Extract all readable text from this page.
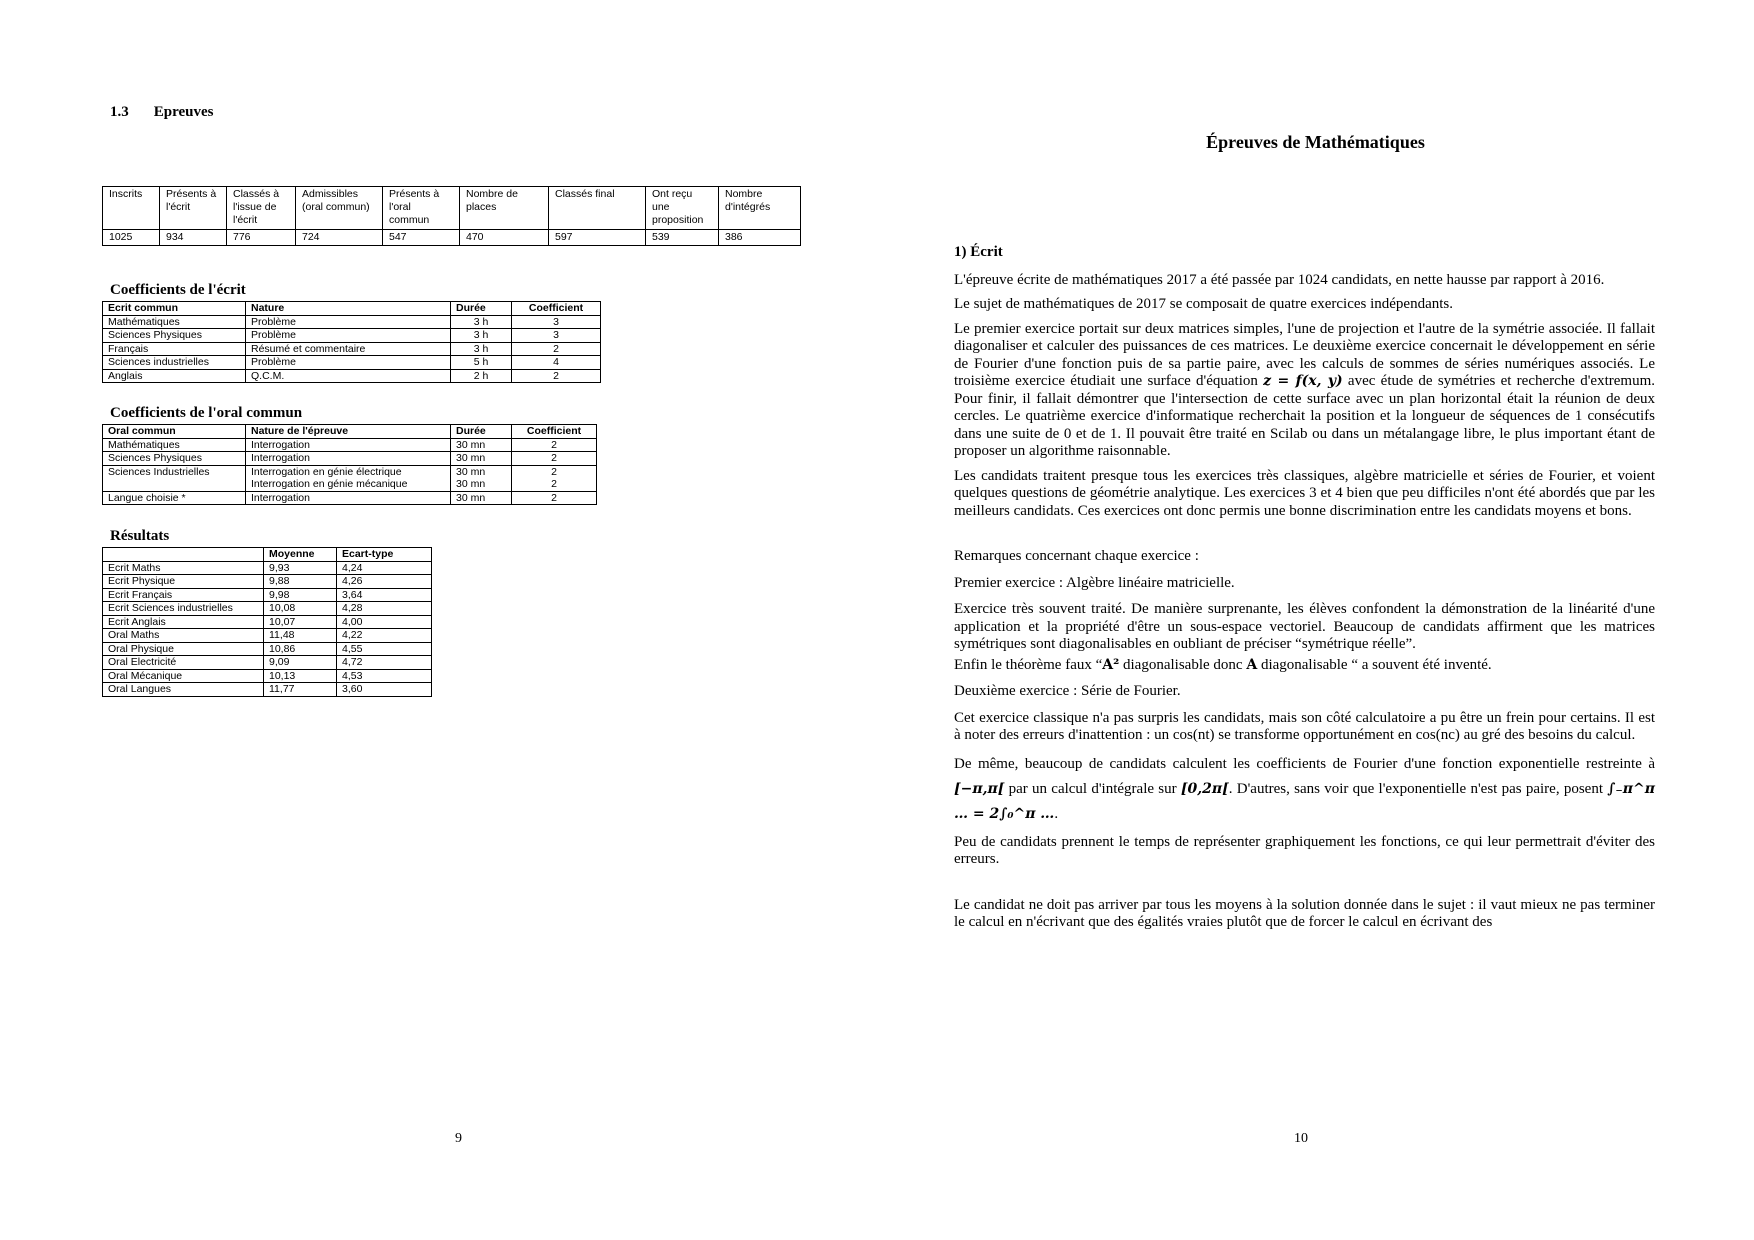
1.3 Epreuves
Inscrits	Présents à l'écrit	Classés à l'issue de l'écrit	Admissibles (oral commun)	Présents à l'oral commun	Nombre de places	Classés final	Ont reçu une proposition	Nombre d'intégrés
1025	934	776	724	547	470	597	539	386
Coefficients de l'écrit
Ecrit commun	Nature	Durée	Coefficient
Mathématiques	Problème	3 h	3
Sciences Physiques	Problème	3 h	3
Français	Résumé et commentaire	3 h	2
Sciences industrielles	Problème	5 h	4
Anglais	Q.C.M.	2 h	2
Coefficients de l'oral commun
Oral commun	Nature de l'épreuve	Durée	Coefficient
Mathématiques	Interrogation	30 mn	2
Sciences Physiques	Interrogation	30 mn	2
Sciences Industrielles	Interrogation en génie électrique	30 mn	2
	Interrogation en génie mécanique	30 mn	2
Langue choisie *	Interrogation	30 mn	2
Résultats
	Moyenne	Ecart-type
Ecrit Maths	9,93	4,24
Ecrit Physique	9,88	4,26
Ecrit Français	9,98	3,64
Ecrit Sciences industrielles	10,08	4,28
Ecrit Anglais	10,07	4,00
Oral Maths	11,48	4,22
Oral Physique	10,86	4,55
Oral Electricité	9,09	4,72
Oral Mécanique	10,13	4,53
Oral Langues	11,77	3,60
9
Épreuves de Mathématiques

1) Écrit

L'épreuve écrite de mathématiques 2017 a été passée par 1024 candidats, en nette hausse par rapport à 2016.

Le sujet de mathématiques de 2017 se composait de quatre exercices indépendants.

Le premier exercice portait sur deux matrices simples, l'une de projection et l'autre de la symétrie associée. Il fallait diagonaliser et calculer des puissances de ces matrices. Le deuxième exercice concernait le développement en série de Fourier d'une fonction puis de sa partie paire, avec les calculs de sommes de séries numériques associés. Le troisième exercice étudiait une surface d'équation z = f(x, y) avec étude de symétries et recherche d'extremum. Pour finir, il fallait démontrer que l'intersection de cette surface avec un plan horizontal était la réunion de deux cercles. Le quatrième exercice d'informatique recherchait la position et la longueur de séquences de 1 consécutifs dans une suite de 0 et de 1. Il pouvait être traité en Scilab ou dans un métalangage libre, le plus important étant de proposer un algorithme raisonnable.

Les candidats traitent presque tous les exercices très classiques, algèbre matricielle et séries de Fourier, et voient quelques questions de géométrie analytique. Les exercices 3 et 4 bien que peu difficiles n'ont été abordés que par les meilleurs candidats. Ces exercices ont donc permis une bonne discrimination entre les candidats moyens et bons.

Remarques concernant chaque exercice :

Premier exercice : Algèbre linéaire matricielle.

Exercice très souvent traité. De manière surprenante, les élèves confondent la démonstration de la linéarité d'une application et la propriété d'être un sous-espace vectoriel. Beaucoup de candidats affirment que les matrices symétriques sont diagonalisables en oubliant de préciser “symétrique réelle”.

Enfin le théorème faux “A² diagonalisable donc A diagonalisable “ a souvent été inventé.

Deuxième exercice : Série de Fourier.

Cet exercice classique n'a pas surpris les candidats, mais son côté calculatoire a pu être un frein pour certains. Il est à noter des erreurs d'inattention : un cos(nt) se transforme opportunément en cos(nc) au gré des besoins du calcul.

De même, beaucoup de candidats calculent les coefficients de Fourier d'une fonction exponentielle restreinte à [−π,π[ par un calcul d'intégrale sur [0,2π[. D'autres, sans voir que l'exponentielle n'est pas paire, posent ∫₋π^π … = 2∫₀^π ….

Peu de candidats prennent le temps de représenter graphiquement les fonctions, ce qui leur permettrait d'éviter des erreurs.

Le candidat ne doit pas arriver par tous les moyens à la solution donnée dans le sujet : il vaut mieux ne pas terminer le calcul en n'écrivant que des égalités vraies plutôt que de forcer le calcul en écrivant des

10
